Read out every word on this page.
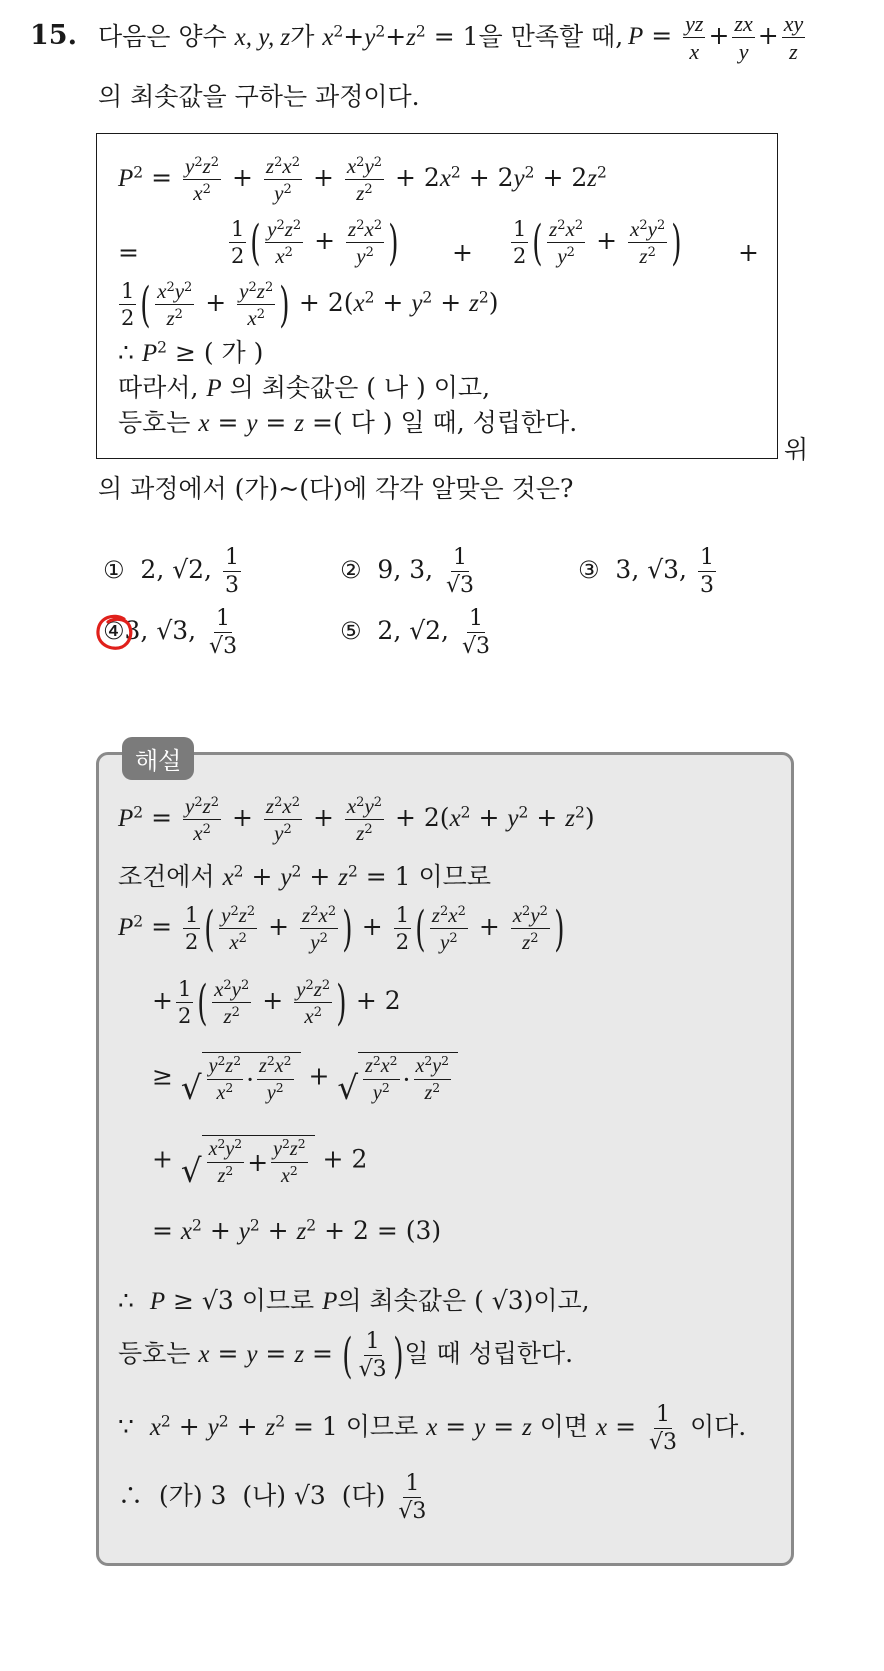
15. 다음은 양수 x, y, z가 $x^2+y^2+z^2 = 1$을 만족할 때, $P = \frac{yz}{x} + \frac{zx}{y} + \frac{xy}{z}$
의 최솟값을 구하는 과정이다.
$P^2 = \frac{y^2z^2}{x^2} + \frac{z^2x^2}{y^2} + \frac{x^2y^2}{z^2} + 2x^2 + 2y^2 + 2z^2$
=	$\frac{1}{2}$ ( $\frac{y^2z^2}{x^2} + \frac{z^2x^2}{y^2}$ ) + $\frac{1}{2}$ ( $\frac{z^2x^2}{y^2} + \frac{x^2y^2}{z^2}$ ) +
$\frac{1}{2}$ ( $\frac{x^2y^2}{z^2} + \frac{y^2z^2}{x^2}$ ) + $2(x^2 + y^2 + z^2)$
∴ $P^2$ ≥ ( 가 )
따라서, P 의 최솟값은 ( 나 ) 이고,
등호는 x = y = z =( 다 ) 일 때, 성립한다.
위
의 과정에서 (가)~(다)에 각각 알맞은 것은?
①  2, √2, $\frac{1}{3}$	②  9, 3, $\frac{1}{√3}$	③  3, √3, $\frac{1}{3}$
④3, √3, $\frac{1}{√3}$	⑤  2, √2, $\frac{1}{√3}$
해설
$P^2 = \frac{y^2z^2}{x^2} + \frac{z^2x^2}{y^2} + \frac{x^2y^2}{z^2} + 2(x^2 + y^2 + z^2)$
조건에서 $x^2 + y^2 + z^2 = 1$ 이므로
$P^2 = \frac{1}{2}$ ( $\frac{y^2z^2}{x^2} + \frac{z^2x^2}{y^2}$ ) + $\frac{1}{2}$ ( $\frac{z^2x^2}{y^2} + \frac{x^2y^2}{z^2}$ )
+ $\frac{1}{2}$ ( $\frac{x^2y^2}{z^2} + \frac{y^2z^2}{x^2}$ ) + 2
≥ √ $\frac{y^2z^2}{x^2} \cdot \frac{z^2x^2}{y^2}$ + √ $\frac{z^2x^2}{y^2} \cdot \frac{x^2y^2}{z^2}$
+ √ $\frac{x^2y^2}{z^2} + \frac{y^2z^2}{x^2} + 2$
= $x^2 + y^2 + z^2 + 2 = (3)$
∴ P ≥ √3 이므로 P의 최솟값은 ( √3)이고,
등호는 x = y = z = ( $\frac{1}{√3}$ )일 때 성립한다.
∵ $x^2 + y^2 + z^2 = 1$ 이므로 x = y = z 이면 $x = \frac{1}{√3}$ 이다.
∴ (가) 3 (나) √3  (다) $\frac{1}{√3}$
